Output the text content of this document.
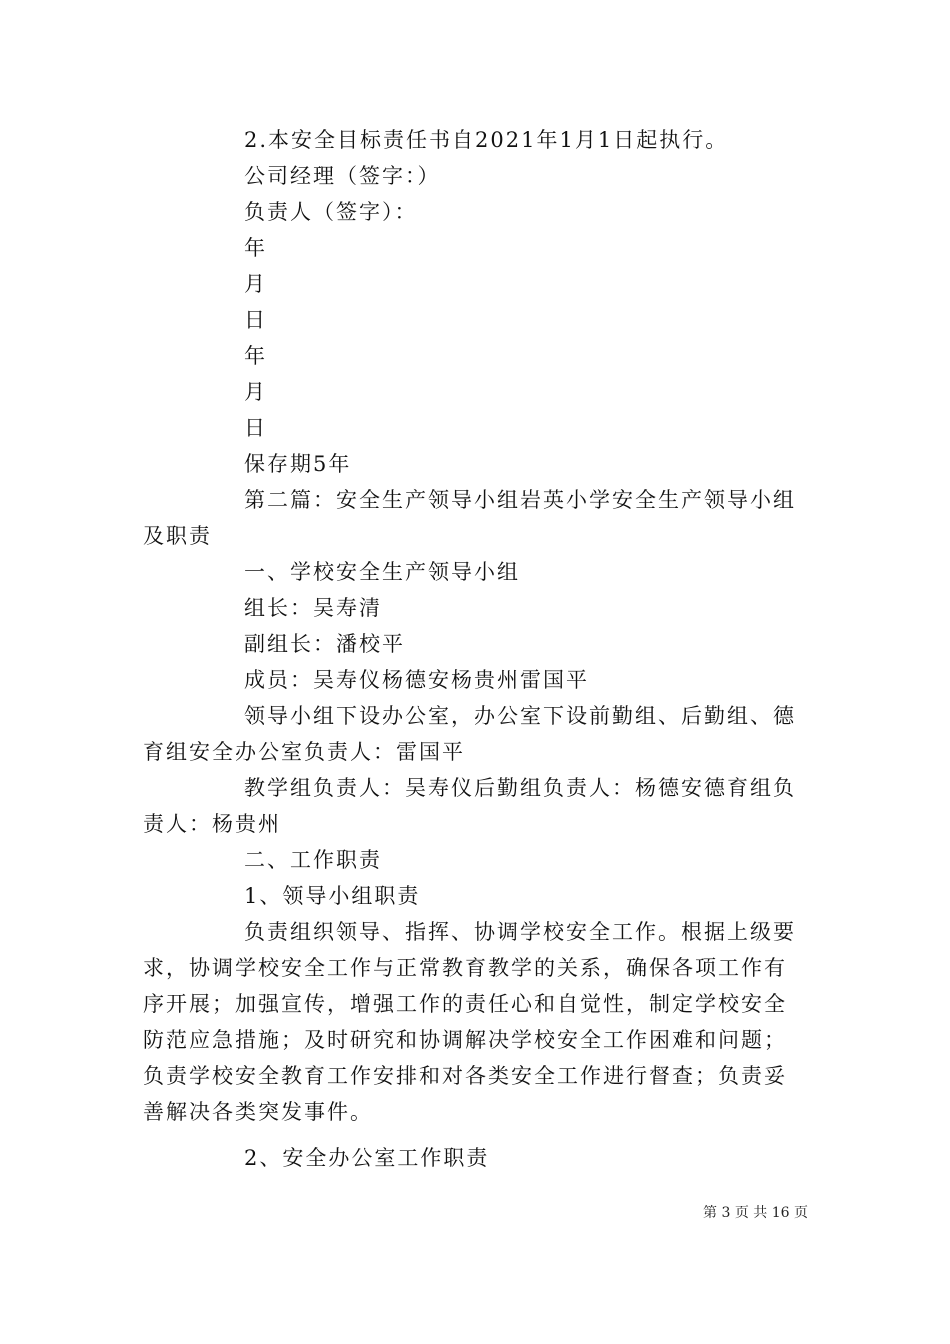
2.本安全目标责任书自2021年1月1日起执行。

公司经理（签字：）

负责人（签字）：

年

月

日

年

月

日

保存期5年

第二篇：安全生产领导小组岩英小学安全生产领导小组及职责

一、学校安全生产领导小组

组长：吴寿清

副组长：潘校平

成员：吴寿仪杨德安杨贵州雷国平

领导小组下设办公室，办公室下设前勤组、后勤组、德育组安全办公室负责人：雷国平

教学组负责人：吴寿仪后勤组负责人：杨德安德育组负责人：杨贵州

二、工作职责

1、领导小组职责

负责组织领导、指挥、协调学校安全工作。根据上级要求，协调学校安全工作与正常教育教学的关系，确保各项工作有序开展；加强宣传，增强工作的责任心和自觉性，制定学校安全防范应急措施；及时研究和协调解决学校安全工作困难和问题；负责学校安全教育工作安排和对各类安全工作进行督查；负责妥善解决各类突发事件。

2、安全办公室工作职责

第 3 页 共 16 页
